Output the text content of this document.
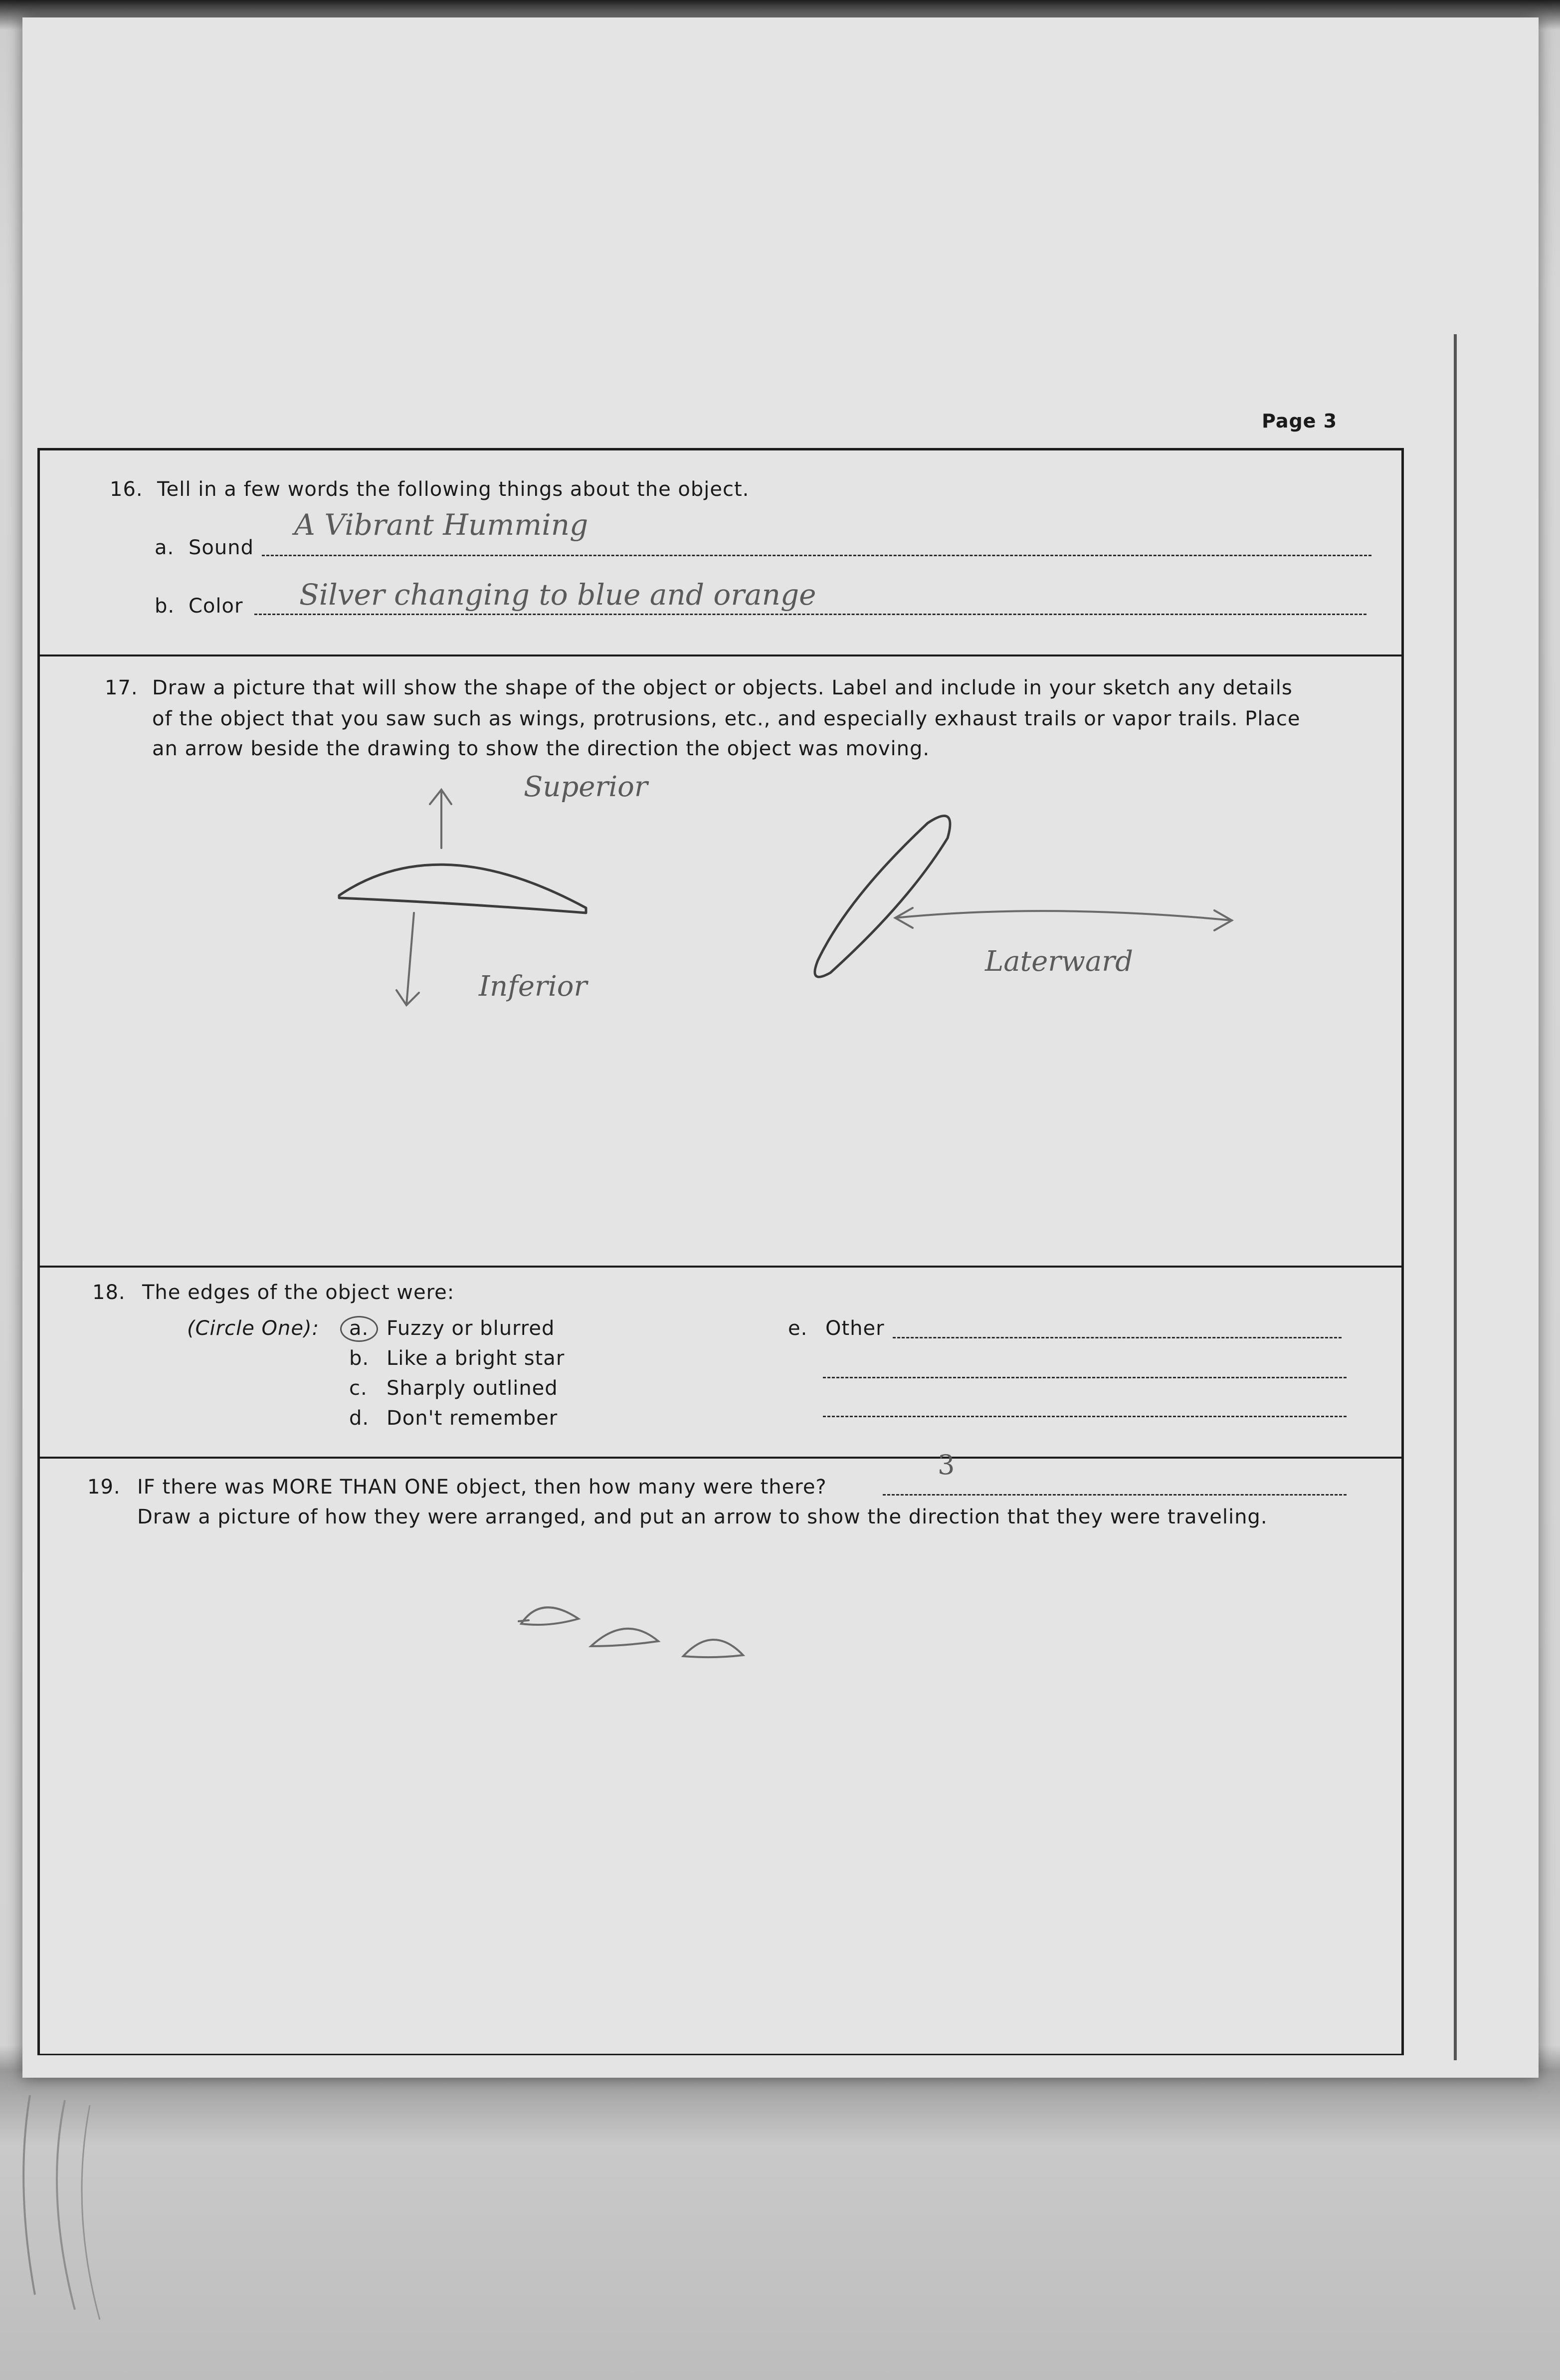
Page 3
16. Tell in a few words the following things about the object.
a. Sound
A Vibrant Humming
b. Color Silver changing to blue and orange
17. Draw a picture that will show the shape of the object or objects. Label and include in your sketch any details
of the object that you saw such as wings, protrusions, etc., and especially exhaust trails or vapor trails. Place
an arrow beside the drawing to show the direction the object was moving.
Superior
Inferior
Laterward
18. The edges of the object were:
(Circle One): a. Fuzzy or blurred
b. Like a bright star
c. Sharply outlined
d. Don't remember
e. Other
19. IF there was MORE THAN ONE object, then how many were there?
3
Draw a picture of how they were arranged, and put an arrow to show the direction that they were traveling.
